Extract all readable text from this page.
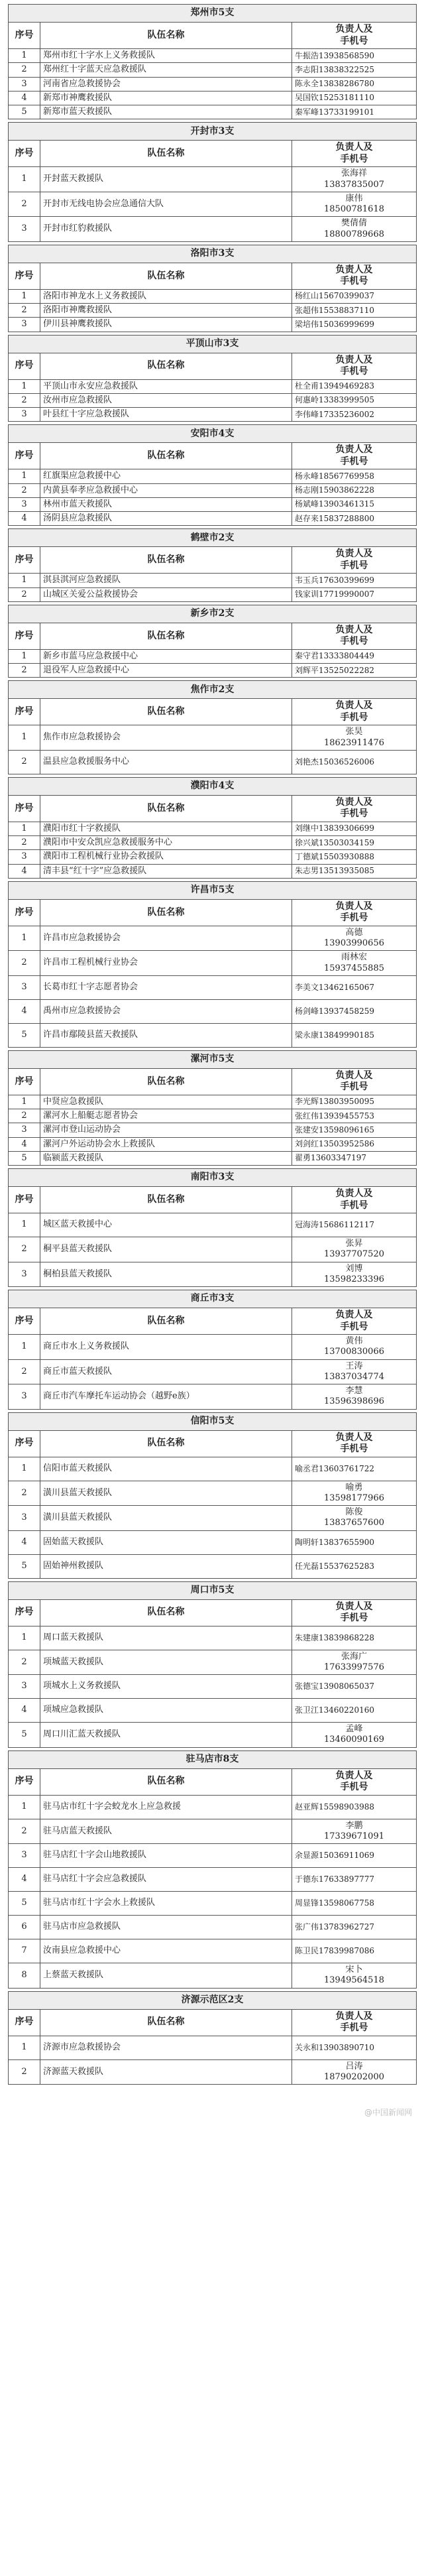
郑州市5支		
序号	队伍名称	负责人及
手机号
1	郑州市红十字水上义务救援队	牛振浩13938568590
2	郑州红十字蓝天应急救援队	李志阳13838322525
3	河南省应急救援协会	陈永全13838286780
4	新郑市神鹰救援队	吴国钦15253181110
5	新郑市蓝天救援队	秦军峰13733199101
开封市3支		
序号	队伍名称	负责人及
手机号
1	开封蓝天救援队	张海祥
13837835007
2	开封市无线电协会应急通信大队	康伟
18500781618
3	开封市红豹救援队	樊倩倩
18800789668
洛阳市3支		
序号	队伍名称	负责人及
手机号
1	洛阳市神龙水上义务救援队	杨红山15670399037
2	洛阳市神鹰救援队	张超伟15538837110
3	伊川县神鹰救援队	梁培伟15036999699
平顶山市3支		
序号	队伍名称	负责人及
手机号
1	平顶山市永安应急救援队	杜全甫13949469283
2	汝州市应急救援队	何惠岭13383999505
3	叶县红十字应急救援队	李伟峰17335236002
安阳市4支		
序号	队伍名称	负责人及
手机号
1	红旗渠应急救援中心	杨永峰18567769958
2	内黄县奉孝应急救援中心	杨志刚15903862228
3	林州市蓝天救援队	杨斌峰13903461315
4	汤阴县应急救援队	赵存来15837288800
鹤壁市2支		
序号	队伍名称	负责人及
手机号
1	淇县淇河应急救援队	韦玉兵17630399699
2	山城区关爱公益救援协会	钱家训17719990007
新乡市2支		
序号	队伍名称	负责人及
手机号
1	新乡市蓝马应急救援中心	秦守君13333804449
2	退役军人应急救援中心	刘辉平13525022282
焦作市2支		
序号	队伍名称	负责人及
手机号
1	焦作市应急救援协会	张昊
18623911476
2	温县应急救援服务中心	刘艳杰15036526006
濮阳市4支		
序号	队伍名称	负责人及
手机号
1	濮阳市红十字救援队	刘继中13839306699
2	濮阳市中安众凯应急救援服务中心	徐兴斌13503034159
3	濮阳市工程机械行业协会救援队	丁德斌15503930888
4	清丰县“红十字”应急救援队	朱志男13513935085
许昌市5支		
序号	队伍名称	负责人及
手机号
1	许昌市应急救援协会	高德
13903990656
2	许昌市工程机械行业协会	雨林宏
15937455885
3	长葛市红十字志愿者协会	李美文13462165067
4	禹州市应急救援协会	杨剑峰13937458259
5	许昌市鄢陵县蓝天救援队	梁永康13849990185
漯河市5支		
序号	队伍名称	负责人及
手机号
1	中贤应急救援队	李光辉13803950095
2	漯河水上船艇志愿者协会	张红伟13939455753
3	漯河市登山运动协会	张建安13598096165
4	漯河户外运动协会水上救援队	刘剑红13503952586
5	临颍蓝天救援队	翟勇13603347197
南阳市3支		
序号	队伍名称	负责人及
手机号
1	城区蓝天救援中心	冠海涛15686112117
2	桐平县蓝天救援队	张昇
13937707520
3	桐柏县蓝天救援队	刘博
13598233396
商丘市3支		
序号	队伍名称	负责人及
手机号
1	商丘市水上义务救援队	黄伟
13700830066
2	商丘市蓝天救援队	王涛
13837034774
3	商丘市汽车摩托车运动协会（越野e族）	李慧
13596398696
信阳市5支		
序号	队伍名称	负责人及
手机号
1	信阳市蓝天救援队	喻丞君13603761722
2	潢川县蓝天救援队	喻勇
13598177966
3	潢川县蓝天救援队	陈俊
13837657600
4	固始蓝天救援队	陶明轩13837655900
5	固始神州救援队	任光磊15537625283
周口市5支		
序号	队伍名称	负责人及
手机号
1	周口蓝天救援队	朱建康13839868228
2	项城蓝天救援队	张海广
17633997576
3	项城水上义务救援队	张德宝13908065037
4	项城应急救援队	张卫江13460220160
5	周口川汇蓝天救援队	孟峰
13460090169
驻马店市8支		
序号	队伍名称	负责人及
手机号
1	驻马店市红十字会蛟龙水上应急救援	赵亚辉15598903988
2	驻马店蓝天救援队	李鹏
17339671091
3	驻马店红十字会山地救援队	余显源15036911069
4	驻马店红十字会应急救援队	于德东17633897777
5	驻马店市红十字会水上救援队	周显锋13598067758
6	驻马店市应急救援队	张广伟13783962727
7	汝南县应急救援中心	陈卫民17839987086
8	上蔡蓝天救援队	宋卜
13949564518
济源示范区2支		
序号	队伍名称	负责人及
手机号
1	济源市应急救援协会	关永和13903890710
2	济源蓝天救援队	吕涛
18790202000
@中国新闻网
